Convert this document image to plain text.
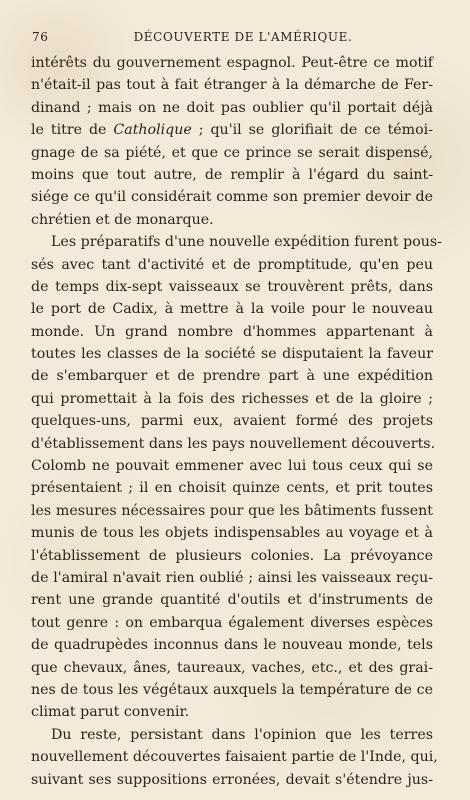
76	DÉCOUVERTE DE L'AMÉRIQUE.
intérêts du gouvernement espagnol. Peut-être ce motif
n'était-il pas tout à fait étranger à la démarche de Fer-
dinand ; mais on ne doit pas oublier qu'il portait déjà
le titre de Catholique ; qu'il se glorifiait de ce témoi-
gnage de sa piété, et que ce prince se serait dispensé,
moins que tout autre, de remplir à l'égard du saint-
siége ce qu'il considérait comme son premier devoir de
chrétien et de monarque.
Les préparatifs d'une nouvelle expédition furent pous-
sés avec tant d'activité et de promptitude, qu'en peu
de temps dix-sept vaisseaux se trouvèrent prêts, dans
le port de Cadix, à mettre à la voile pour le nouveau
monde. Un grand nombre d'hommes appartenant à
toutes les classes de la société se disputaient la faveur
de s'embarquer et de prendre part à une expédition
qui promettait à la fois des richesses et de la gloire ;
quelques-uns, parmi eux, avaient formé des projets
d'établissement dans les pays nouvellement découverts.
Colomb ne pouvait emmener avec lui tous ceux qui se
présentaient ; il en choisit quinze cents, et prit toutes
les mesures nécessaires pour que les bâtiments fussent
munis de tous les objets indispensables au voyage et à
l'établissement de plusieurs colonies. La prévoyance
de l'amiral n'avait rien oublié ; ainsi les vaisseaux reçu-
rent une grande quantité d'outils et d'instruments de
tout genre : on embarqua également diverses espèces
de quadrupèdes inconnus dans le nouveau monde, tels
que chevaux, ânes, taureaux, vaches, etc., et des grai-
nes de tous les végétaux auxquels la température de ce
climat parut convenir.
Du reste, persistant dans l'opinion que les terres
nouvellement découvertes faisaient partie de l'Inde, qui,
suivant ses suppositions erronées, devait s'étendre jus-
